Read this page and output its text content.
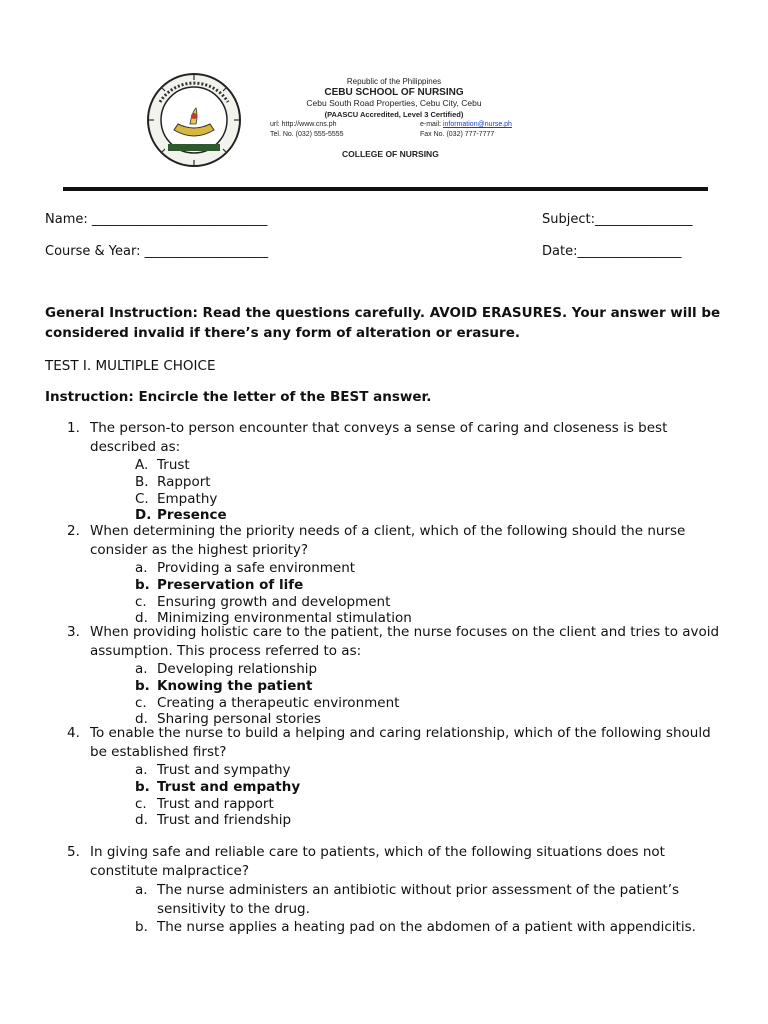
Republic of the Philippines
CEBU SCHOOL OF NURSING
Cebu South Road Properties, Cebu City, Cebu
(PAASCU Accredited, Level 3 Certified)
url: http://www.cns.ph	e-mail: information@nurse.ph
Tel. No. (032) 555-5555	Fax No. (032) 777-7777
COLLEGE OF NURSING
Name: ___________________________	Subject:_______________
Course & Year: ___________________	Date:________________
General Instruction: Read the questions carefully. AVOID ERASURES. Your answer will be considered invalid if there’s any form of alteration or erasure.
TEST I. MULTIPLE CHOICE
Instruction: Encircle the letter of the BEST answer.
1. The person-to person encounter that conveys a sense of caring and closeness is best described as:
A. Trust
B. Rapport
C. Empathy
D. Presence
2. When determining the priority needs of a client, which of the following should the nurse consider as the highest priority?
a. Providing a safe environment
b. Preservation of life
c. Ensuring growth and development
d. Minimizing environmental stimulation
3. When providing holistic care to the patient, the nurse focuses on the client and tries to avoid assumption. This process referred to as:
a. Developing relationship
b. Knowing the patient
c. Creating a therapeutic environment
d. Sharing personal stories
4. To enable the nurse to build a helping and caring relationship, which of the following should be established first?
a. Trust and sympathy
b. Trust and empathy
c. Trust and rapport
d. Trust and friendship
5. In giving safe and reliable care to patients, which of the following situations does not constitute malpractice?
a. The nurse administers an antibiotic without prior assessment of the patient’s sensitivity to the drug.
b. The nurse applies a heating pad on the abdomen of a patient with appendicitis.
